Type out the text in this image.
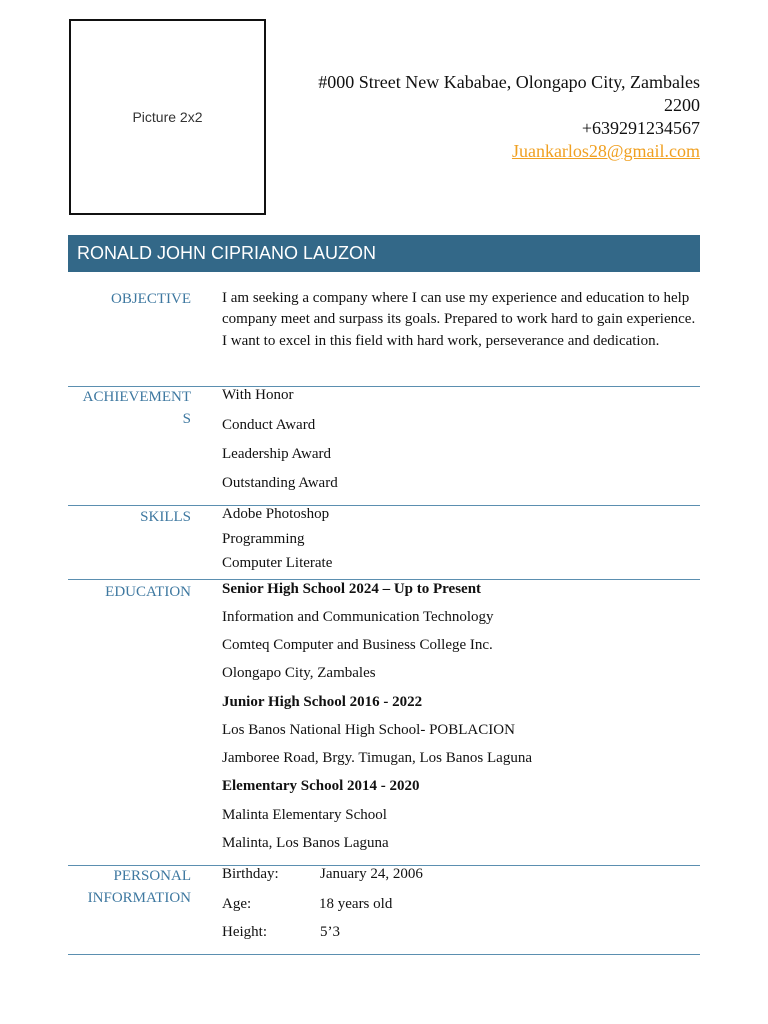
Picture 2x2
#000 Street New Kababae, Olongapo City, Zambales
2200
+639291234567
Juankarlos28@gmail.com
RONALD JOHN CIPRIANO LAUZON
OBJECTIVE I am seeking a company where I can use my experience and education to help company meet and surpass its goals. Prepared to work hard to gain experience. I want to excel in this field with hard work, perseverance and dedication.
ACHIEVEMENT
S
With Honor
Conduct Award
Leadership Award
Outstanding Award
SKILLS Adobe Photoshop
Programming
Computer Literate
EDUCATION Senior High School 2024 – Up to Present
Information and Communication Technology
Comteq Computer and Business College Inc.
Olongapo City, Zambales
Junior High School 2016 - 2022
Los Banos National High School- POBLACION
Jamboree Road, Brgy. Timugan, Los Banos Laguna
Elementary School 2014 - 2020
Malinta Elementary School
Malinta, Los Banos Laguna
PERSONAL
INFORMATION
Birthday:	January 24, 2006
Age:	18 years old
Height:	5’3
